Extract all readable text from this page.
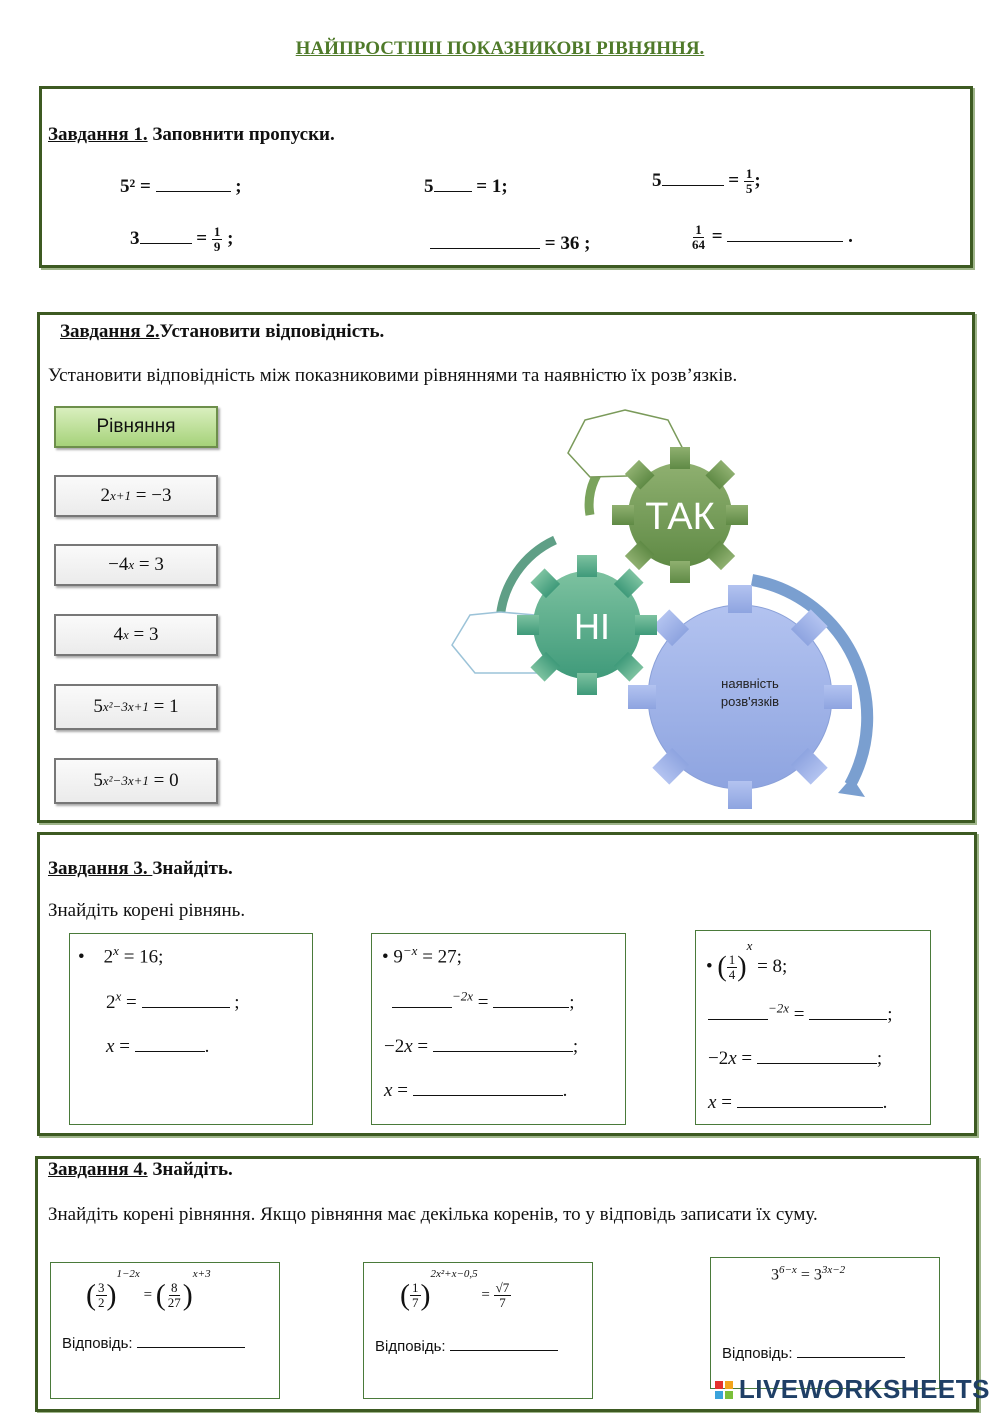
НАЙПРОСТІШІ ПОКАЗНИКОВІ РІВНЯННЯ.
Завдання 1. Заповнити пропуски.
5² =	;	5 = 1;	5	= $\frac{1}{5}$ ;
3	= $\frac{1}{9}$ ;	= 36 ;	$\frac{1}{64}$ =	.
Завдання 2.Установити відповідність.
Установити відповідність між показниковими рівняннями та наявністю їх розв’язків.
Рівняння
2 x+1 = −3
−4 x = 3
4 x = 3
5 x²−3x+1 = 1
5 x²−3x+1 = 0
ТАК
НІ
наявність розв'язків
Завдання 3. Знайдіть.
Знайдіть корені рівнянь.
•    $2^x = 16$;
$2^x$ =	;
x =	.
• $9^{-x} = 27$;
$^{-2x}$ =	;
−2x =	;
x =	.
• ( $\frac{1}{4} )^x = 8$;
$^{-2x}$ =	;
−2x =	;
x =	.
Завдання 4. Знайдіть.
Знайдіть корені рівняння. Якщо рівняння має декілька коренів, то у відповідь записати їх суму.
( $\frac{3}{2} )^{1-2x}$ = ( $\frac{8}{27} )^{x+3}$
Відповідь:
( $\frac{1}{7} )^{2x^2+x-0,5} = \frac{√7}{7}$
Відповідь:
$3^{6-x} = 3^{3x-2}$
Відповідь:
LIVEWORKSHEETS
